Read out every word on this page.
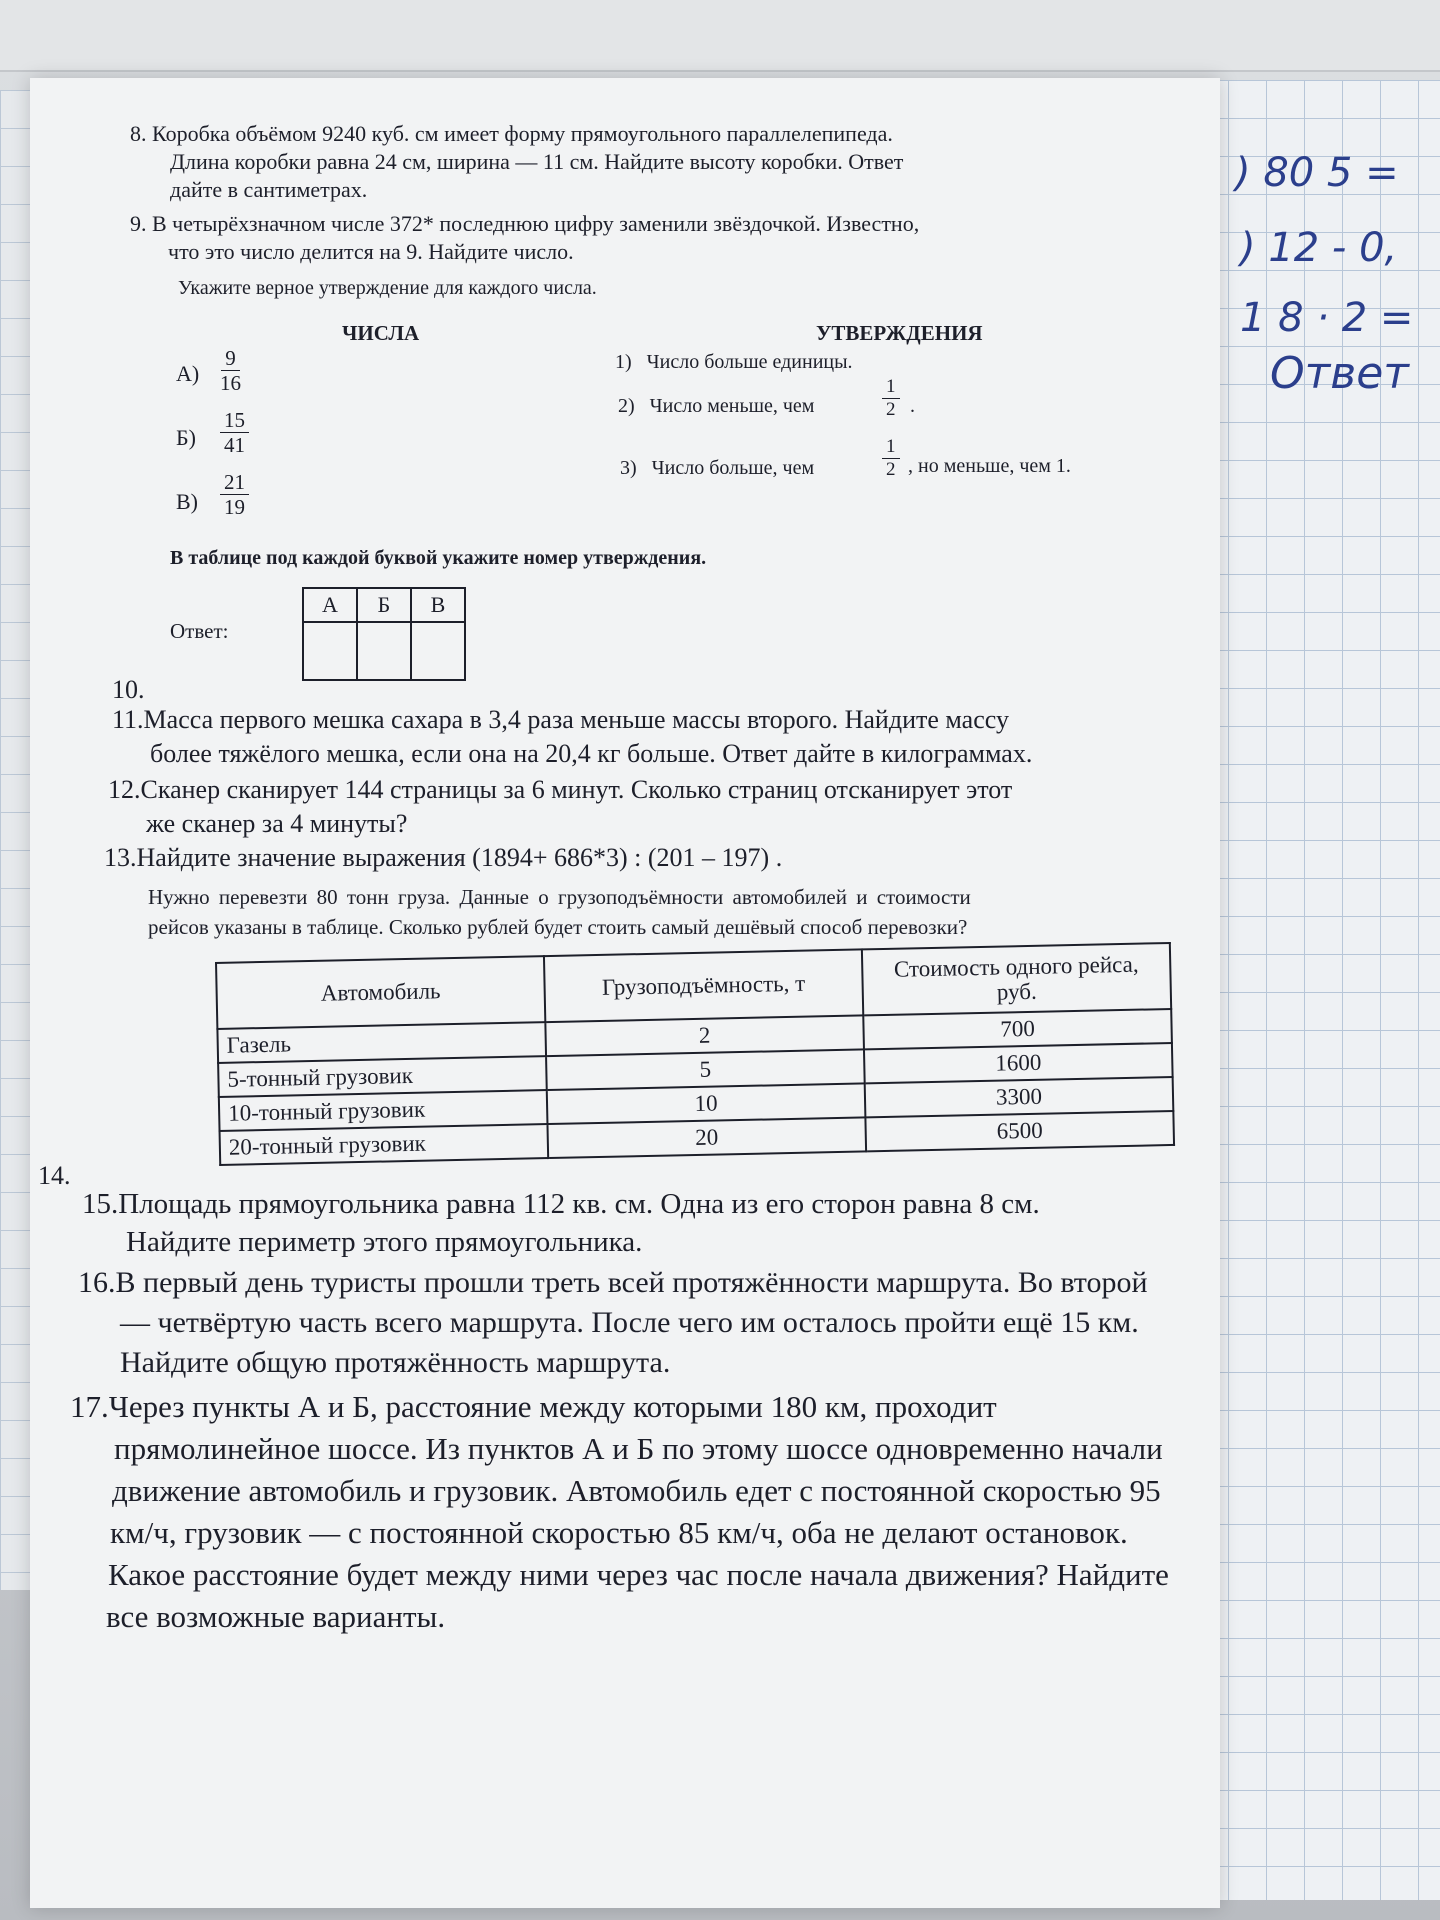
) 80 5 =
) 12 - 0,
1 8 · 2 =
Ответ
8. Коробка объёмом 9240 куб. см имеет форму прямоугольного параллелепипеда.
Длина коробки равна 24 см, ширина — 11 см. Найдите высоту коробки. Ответ
дайте в сантиметрах.
9. В четырёхзначном числе 372* последнюю цифру заменили звёздочкой. Известно,
что это число делится на 9. Найдите число.
Укажите верное утверждение для каждого числа.
ЧИСЛА	УТВЕРЖДЕНИЯ
$А) \frac{9}{16}$
$Б) \frac{15}{41}$
$В) \frac{21}{19}$
1) Число больше единицы.
2) Число меньше, чем	$\frac{1}{2}$ .
3) Число больше, чем	$\frac{1}{2}$ , но меньше, чем 1.
В таблице под каждой буквой укажите номер утверждения.
Ответ:
А	Б	В

10.
11.Масса первого мешка сахара в 3,4 раза меньше массы второго. Найдите массу
более тяжёлого мешка, если она на 20,4 кг больше. Ответ дайте в килограммах.
12.Сканер сканирует 144 страницы за 6 минут. Сколько страниц отсканирует этот
же сканер за 4 минуты?
13.Найдите значение выражения (1894+ 686*3) : (201 – 197) .
Нужно перевезти 80 тонн груза. Данные о грузоподъёмности автомобилей и стоимости
рейсов указаны в таблице. Сколько рублей будет стоить самый дешёвый способ перевозки?
Автомобиль	Грузоподъёмность, т	Стоимость одного рейса, руб.
Газель	2	700
5-тонный грузовик	5	1600
10-тонный грузовик	10	3300
20-тонный грузовик	20	6500
14.
15.Площадь прямоугольника равна 112 кв. см. Одна из его сторон равна 8 см.
Найдите периметр этого прямоугольника.
16.В первый день туристы прошли треть всей протяжённости маршрута. Во второй
— четвёртую часть всего маршрута. После чего им осталось пройти ещё 15 км.
Найдите общую протяжённость маршрута.
17.Через пункты А и Б, расстояние между которыми 180 км, проходит
прямолинейное шоссе. Из пунктов А и Б по этому шоссе одновременно начали
движение автомобиль и грузовик. Автомобиль едет с постоянной скоростью 95
км/ч, грузовик — с постоянной скоростью 85 км/ч, оба не делают остановок.
Какое расстояние будет между ними через час после начала движения? Найдите
все возможные варианты.
